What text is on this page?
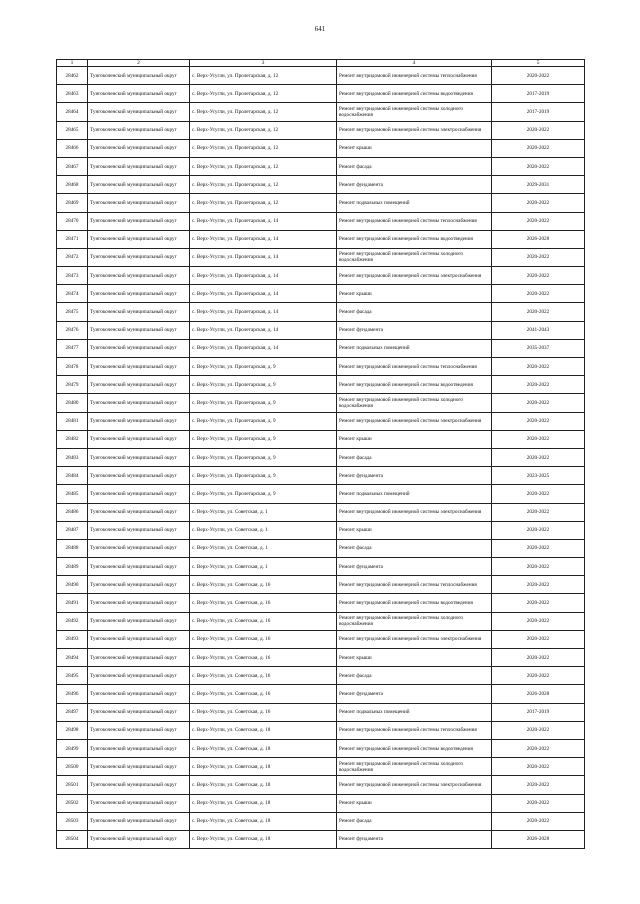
641
1	2	3	4	5
28462	Тунгокоченский муниципальный округ	с. Верх-Усугли, ул. Пролетарская, д. 12	Ремонт внутридомовой инженерной системы теплоснабжения	2020-2022
28463	Тунгокоченский муниципальный округ	с. Верх-Усугли, ул. Пролетарская, д. 12	Ремонт внутридомовой инженерной системы водоотведения	2017-2019
28464	Тунгокоченский муниципальный округ	с. Верх-Усугли, ул. Пролетарская, д. 12	Ремонт внутридомовой инженерной системы холодного водоснабжения	2017-2019
28465	Тунгокоченский муниципальный округ	с. Верх-Усугли, ул. Пролетарская, д. 12	Ремонт внутридомовой инженерной системы электроснабжения	2020-2022
28466	Тунгокоченский муниципальный округ	с. Верх-Усугли, ул. Пролетарская, д. 12	Ремонт крыши	2020-2022
28467	Тунгокоченский муниципальный округ	с. Верх-Усугли, ул. Пролетарская, д. 12	Ремонт фасада	2020-2022
28468	Тунгокоченский муниципальный округ	с. Верх-Усугли, ул. Пролетарская, д. 12	Ремонт фундамента	2029-2031
28469	Тунгокоченский муниципальный округ	с. Верх-Усугли, ул. Пролетарская, д. 12	Ремонт подвальных помещений	2020-2022
28470	Тунгокоченский муниципальный округ	с. Верх-Усугли, ул. Пролетарская, д. 14	Ремонт внутридомовой инженерной системы теплоснабжения	2020-2022
28471	Тунгокоченский муниципальный округ	с. Верх-Усугли, ул. Пролетарская, д. 14	Ремонт внутридомовой инженерной системы водоотведения	2026-2028
28472	Тунгокоченский муниципальный округ	с. Верх-Усугли, ул. Пролетарская, д. 14	Ремонт внутридомовой инженерной системы холодного водоснабжения	2020-2022
28473	Тунгокоченский муниципальный округ	с. Верх-Усугли, ул. Пролетарская, д. 14	Ремонт внутридомовой инженерной системы электроснабжения	2020-2022
28474	Тунгокоченский муниципальный округ	с. Верх-Усугли, ул. Пролетарская, д. 14	Ремонт крыши	2020-2022
28475	Тунгокоченский муниципальный округ	с. Верх-Усугли, ул. Пролетарская, д. 14	Ремонт фасада	2020-2022
28476	Тунгокоченский муниципальный округ	с. Верх-Усугли, ул. Пролетарская, д. 14	Ремонт фундамента	2041-2043
28477	Тунгокоченский муниципальный округ	с. Верх-Усугли, ул. Пролетарская, д. 14	Ремонт подвальных помещений	2035-2037
28478	Тунгокоченский муниципальный округ	с. Верх-Усугли, ул. Пролетарская, д. 9	Ремонт внутридомовой инженерной системы теплоснабжения	2020-2022
28479	Тунгокоченский муниципальный округ	с. Верх-Усугли, ул. Пролетарская, д. 9	Ремонт внутридомовой инженерной системы водоотведения	2020-2022
28480	Тунгокоченский муниципальный округ	с. Верх-Усугли, ул. Пролетарская, д. 9	Ремонт внутридомовой инженерной системы холодного водоснабжения	2020-2022
28481	Тунгокоченский муниципальный округ	с. Верх-Усугли, ул. Пролетарская, д. 9	Ремонт внутридомовой инженерной системы электроснабжения	2020-2022
28482	Тунгокоченский муниципальный округ	с. Верх-Усугли, ул. Пролетарская, д. 9	Ремонт крыши	2020-2022
28483	Тунгокоченский муниципальный округ	с. Верх-Усугли, ул. Пролетарская, д. 9	Ремонт фасада	2020-2022
28484	Тунгокоченский муниципальный округ	с. Верх-Усугли, ул. Пролетарская, д. 9	Ремонт фундамента	2023-2025
28485	Тунгокоченский муниципальный округ	с. Верх-Усугли, ул. Пролетарская, д. 9	Ремонт подвальных помещений	2020-2022
28486	Тунгокоченский муниципальный округ	с. Верх-Усугли, ул. Советская, д. 1	Ремонт внутридомовой инженерной системы электроснабжения	2020-2022
28487	Тунгокоченский муниципальный округ	с. Верх-Усугли, ул. Советская, д. 1	Ремонт крыши	2020-2022
28488	Тунгокоченский муниципальный округ	с. Верх-Усугли, ул. Советская, д. 1	Ремонт фасада	2020-2022
28489	Тунгокоченский муниципальный округ	с. Верх-Усугли, ул. Советская, д. 1	Ремонт фундамента	2020-2022
28490	Тунгокоченский муниципальный округ	с. Верх-Усугли, ул. Советская, д. 16	Ремонт внутридомовой инженерной системы теплоснабжения	2020-2022
28491	Тунгокоченский муниципальный округ	с. Верх-Усугли, ул. Советская, д. 16	Ремонт внутридомовой инженерной системы водоотведения	2020-2022
28492	Тунгокоченский муниципальный округ	с. Верх-Усугли, ул. Советская, д. 16	Ремонт внутридомовой инженерной системы холодного водоснабжения	2020-2022
28493	Тунгокоченский муниципальный округ	с. Верх-Усугли, ул. Советская, д. 16	Ремонт внутридомовой инженерной системы электроснабжения	2020-2022
28494	Тунгокоченский муниципальный округ	с. Верх-Усугли, ул. Советская, д. 16	Ремонт крыши	2020-2022
28495	Тунгокоченский муниципальный округ	с. Верх-Усугли, ул. Советская, д. 16	Ремонт фасада	2020-2022
28496	Тунгокоченский муниципальный округ	с. Верх-Усугли, ул. Советская, д. 16	Ремонт фундамента	2026-2028
28497	Тунгокоченский муниципальный округ	с. Верх-Усугли, ул. Советская, д. 16	Ремонт подвальных помещений	2017-2019
28498	Тунгокоченский муниципальный округ	с. Верх-Усугли, ул. Советская, д. 18	Ремонт внутридомовой инженерной системы теплоснабжения	2020-2022
28499	Тунгокоченский муниципальный округ	с. Верх-Усугли, ул. Советская, д. 18	Ремонт внутридомовой инженерной системы водоотведения	2020-2022
28500	Тунгокоченский муниципальный округ	с. Верх-Усугли, ул. Советская, д. 18	Ремонт внутридомовой инженерной системы холодного водоснабжения	2020-2022
28501	Тунгокоченский муниципальный округ	с. Верх-Усугли, ул. Советская, д. 18	Ремонт внутридомовой инженерной системы электроснабжения	2020-2022
28502	Тунгокоченский муниципальный округ	с. Верх-Усугли, ул. Советская, д. 18	Ремонт крыши	2020-2022
28503	Тунгокоченский муниципальный округ	с. Верх-Усугли, ул. Советская, д. 18	Ремонт фасада	2020-2022
28504	Тунгокоченский муниципальный округ	с. Верх-Усугли, ул. Советская, д. 18	Ремонт фундамента	2026-2028
